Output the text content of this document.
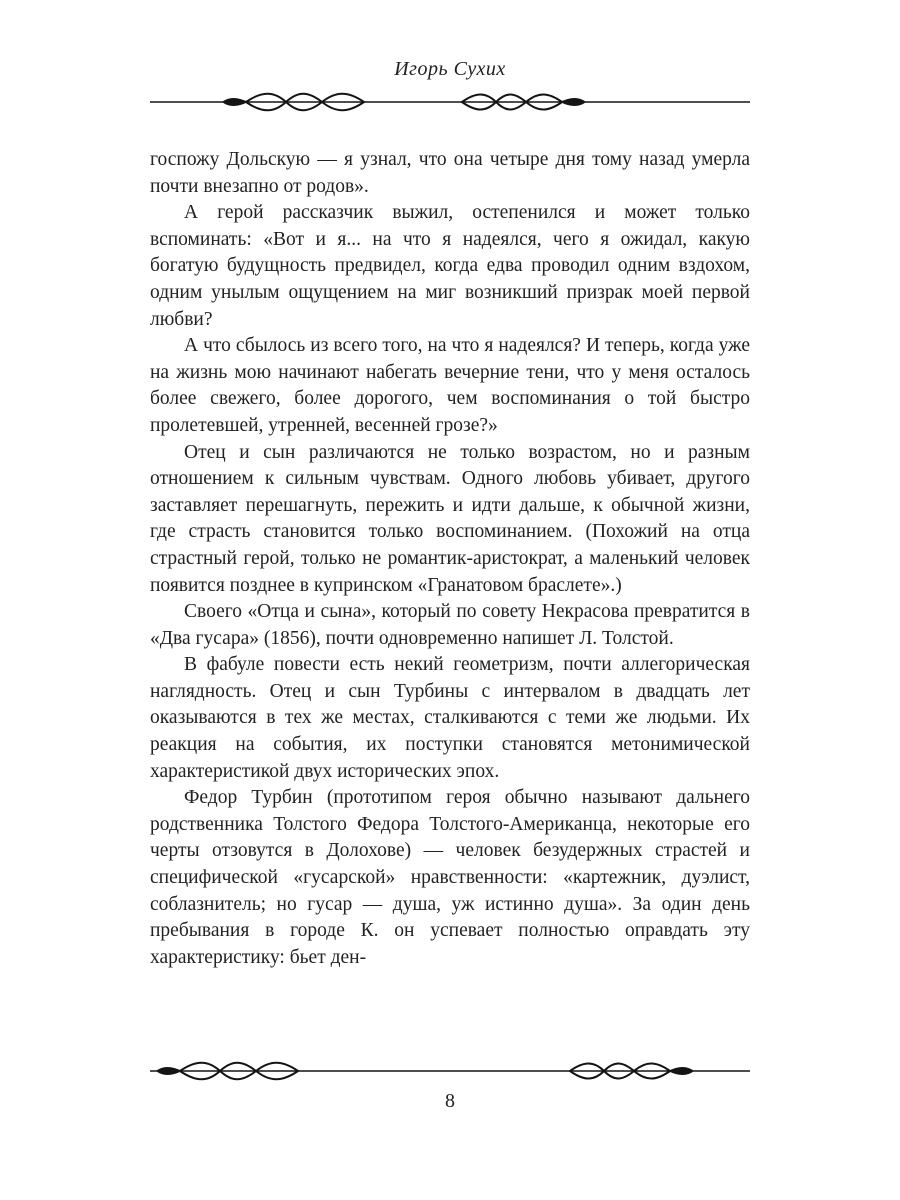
Игорь Сухих

госпожу Дольскую — я узнал, что она четыре дня тому назад умерла почти внезапно от родов».

А герой рассказчик выжил, остепенился и может только вспоминать: «Вот и я... на что я надеялся, чего я ожидал, какую богатую будущность предвидел, когда едва проводил одним вздохом, одним унылым ощущением на миг возникший призрак моей первой любви?

А что сбылось из всего того, на что я надеялся? И теперь, когда уже на жизнь мою начинают набегать вечерние тени, что у меня осталось более свежего, более дорогого, чем воспоминания о той быстро пролетевшей, утренней, весенней грозе?»

Отец и сын различаются не только возрастом, но и разным отношением к сильным чувствам. Одного любовь убивает, другого заставляет перешагнуть, пережить и идти дальше, к обычной жизни, где страсть становится только воспоминанием. (Похожий на отца страстный герой, только не романтик-аристократ, а маленький человек появится позднее в купринском «Гранатовом браслете».)

Своего «Отца и сына», который по совету Некрасова превратится в «Два гусара» (1856), почти одновременно напишет Л. Толстой.

В фабуле повести есть некий геометризм, почти аллегорическая наглядность. Отец и сын Турбины с интервалом в двадцать лет оказываются в тех же местах, сталкиваются с теми же людьми. Их реакция на события, их поступки становятся метонимической характеристикой двух исторических эпох.

Федор Турбин (прототипом героя обычно называют дальнего родственника Толстого Федора Толстого-Американца, некоторые его черты отзовутся в Долохове) — человек безудержных страстей и специфической «гусарской» нравственности: «картежник, дуэлист, соблазнитель; но гусар — душа, уж истинно душа». За один день пребывания в городе К. он успевает полностью оправдать эту характеристику: бьет ден-

8
